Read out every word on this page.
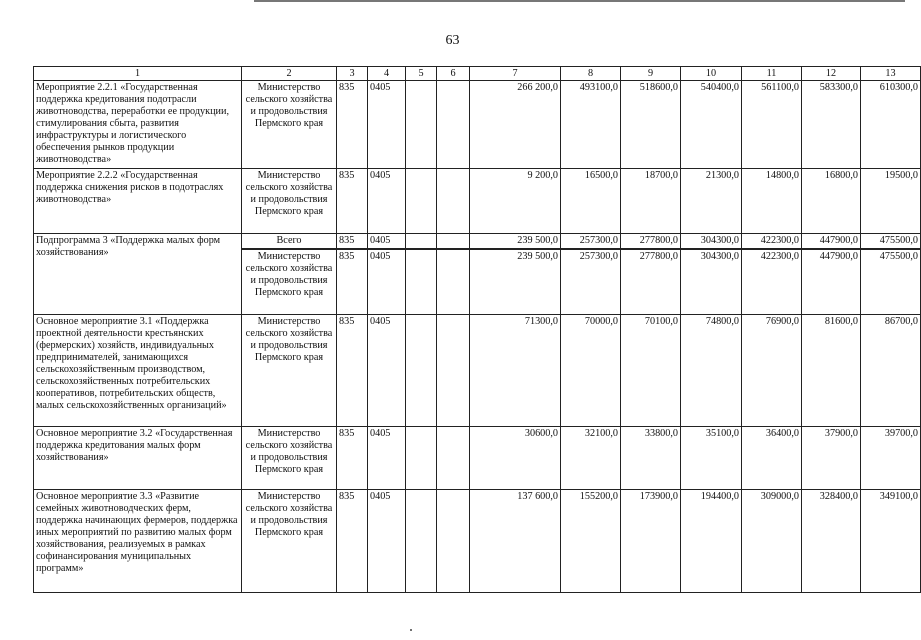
63
1	2	3	4	5	6	7	8	9	10	11	12	13
Мероприятие 2.2.1 «Государственная поддержка кредитования подотрасли животноводства, переработки ее продукции, стимулирования сбыта, развития инфраструктуры и логистического обеспечения рынков продукции животноводства»	Министерство сельского хозяйства и продовольствия Пермского края	835	0405			266 200,0	493100,0	518600,0	540400,0	561100,0	583300,0	610300,0
Мероприятие 2.2.2 «Государственная поддержка снижения рисков в подотраслях животноводства»	Министерство сельского хозяйства и продовольствия Пермского края	835	0405			9 200,0	16500,0	18700,0	21300,0	14800,0	16800,0	19500,0
Подпрограмма 3 «Поддержка малых форм хозяйствования»	Всего	835	0405			239 500,0	257300,0	277800,0	304300,0	422300,0	447900,0	475500,0
	Министерство сельского хозяйства и продовольствия Пермского края	835	0405			239 500,0	257300,0	277800,0	304300,0	422300,0	447900,0	475500,0
Основное мероприятие 3.1 «Поддержка проектной деятельности крестьянских (фермерских) хозяйств, индивидуальных предпринимателей, занимающихся сельскохозяйственным производством, сельскохозяйственных потребительских кооперативов, потребительских обществ, малых сельскохозяйственных организаций»	Министерство сельского хозяйства и продовольствия Пермского края	835	0405			71300,0	70000,0	70100,0	74800,0	76900,0	81600,0	86700,0
Основное мероприятие 3.2 «Государственная поддержка кредитования малых форм хозяйствования»	Министерство сельского хозяйства и продовольствия Пермского края	835	0405			30600,0	32100,0	33800,0	35100,0	36400,0	37900,0	39700,0
Основное мероприятие 3.3 «Развитие семейных животноводческих ферм, поддержка начинающих фермеров, поддержка иных мероприятий по развитию малых форм хозяйствования, реализуемых в рамках софинансирования муниципальных программ»	Министерство сельского хозяйства и продовольствия Пермского края	835	0405			137 600,0	155200,0	173900,0	194400,0	309000,0	328400,0	349100,0
